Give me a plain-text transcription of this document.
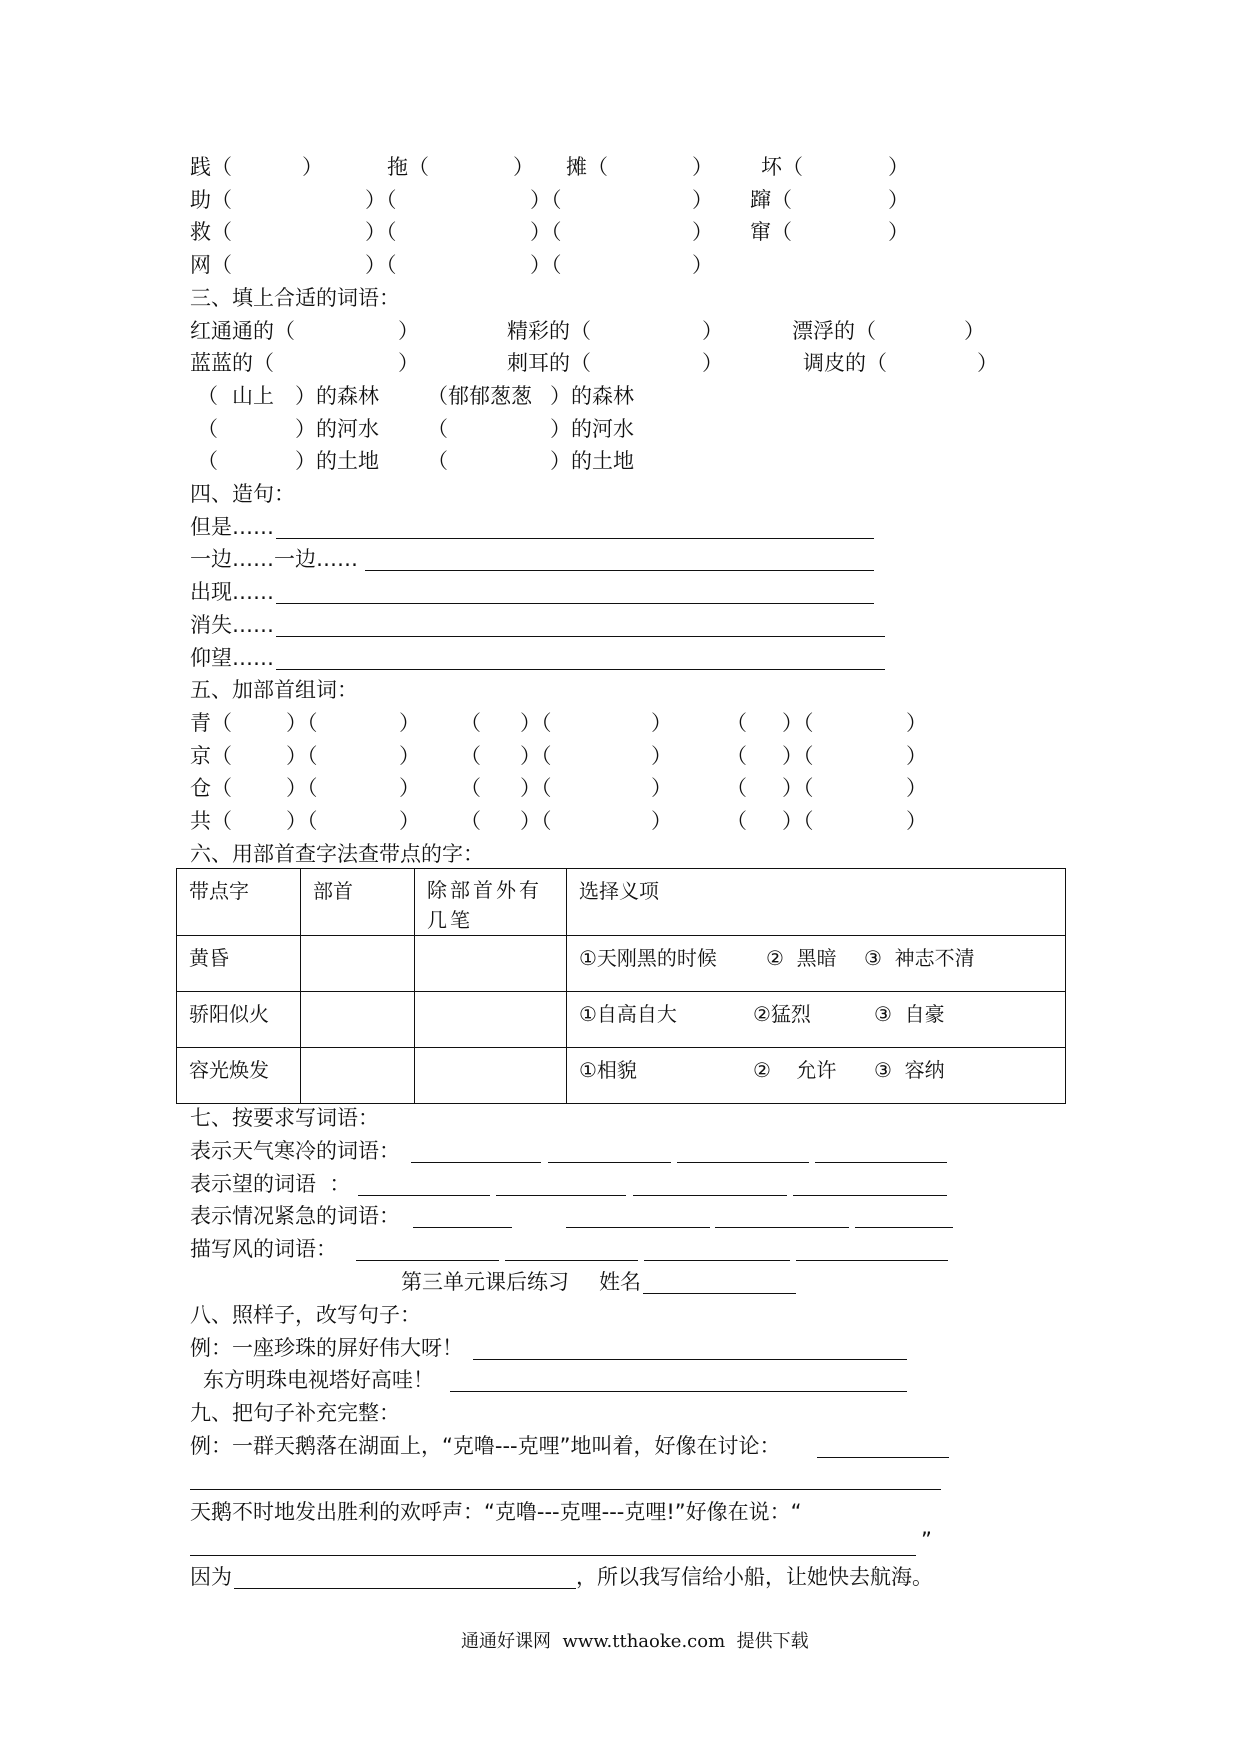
践（	）	拖（	） 摊（	） 坏（	）
助（	）（	）（	） 蹿（	）
救（	）（	）（	） 窜（	）
网（	）（	）（	）
三、填上合适的词语：
红通通的（	）	精彩的（	）	漂浮的（	）
蓝蓝的（	）	刺耳的（	）	调皮的（	）
（ 山上 ）的森林 （郁郁葱葱 ）的森林
（	）的河水 （	）的河水
（	）的土地 （	）的土地
四、造句：
但是……
一边……一边……
出现……
消失……
仰望……
五、加部首组词：
青（	）（	） （ ）（	）	（ ）（	）
京（	）（	） （ ）（	）	（ ）（	）
仓（	）（	） （ ）（	）	（ ）（	）
共（	）（	） （ ）（	）	（ ）（	）
六、用部首查字法查带点的字：
带点字	部首	除部首外有几笔	选择义项
黄昏			①天刚黑的时候 ②  黑暗 ③  神志不清
骄阳似火			①自高自大 ②猛烈 ③  自豪
容光焕发			①相貌 ②    允许 ③  容纳
七、按要求写词语：
表示天气寒冷的词语：
表示望的词语  ：
表示情况紧急的词语：
描写风的词语：
第三单元课后练习 姓名
八、照样子，改写句子：
例：一座珍珠的屏好伟大呀！
东方明珠电视塔好高哇！
九、把句子补充完整：
例：一群天鹅落在湖面上，“克噜---克哩”地叫着，好像在讨论：
天鹅不时地发出胜利的欢呼声：“克噜---克哩---克哩!”好像在说：“
”
因为	，所以我写信给小船，让她快去航海。
通通好课网  www.tthaoke.com  提供下载
